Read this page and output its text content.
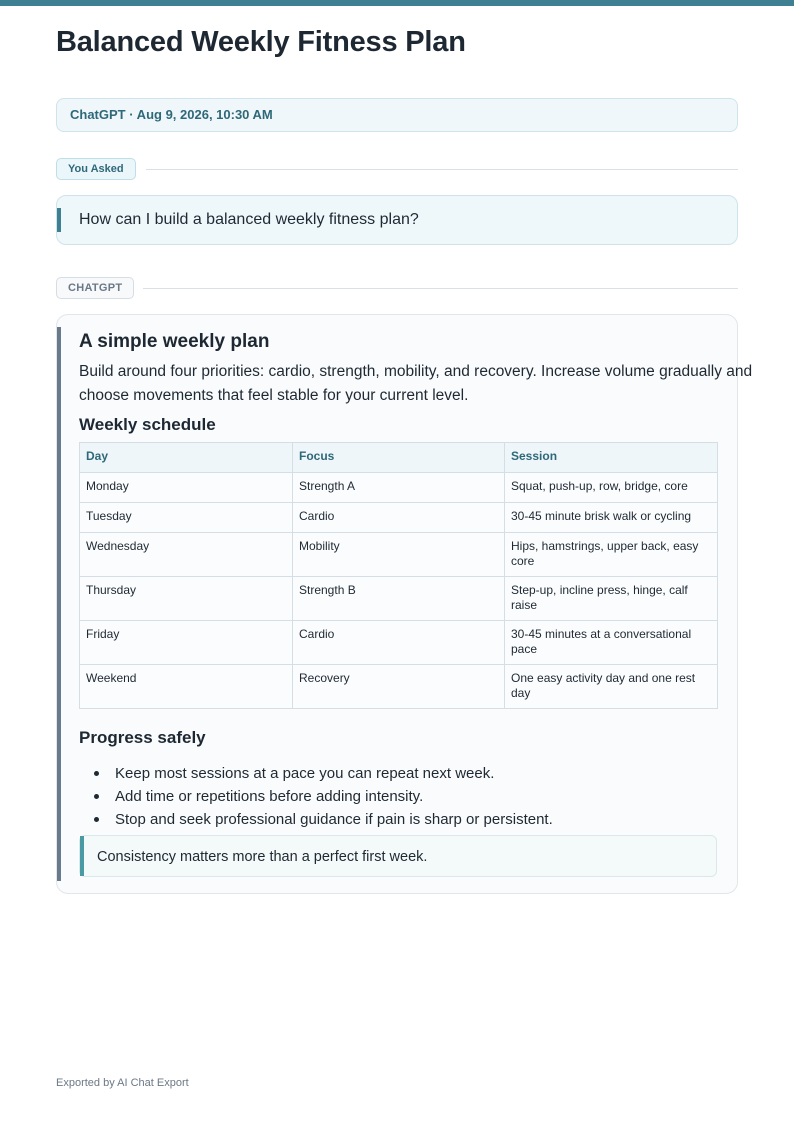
Balanced Weekly Fitness Plan
ChatGPT · Aug 9, 2026, 10:30 AM
You Asked
How can I build a balanced weekly fitness plan?
CHATGPT
A simple weekly plan

Build around four priorities: cardio, strength, mobility, and recovery. Increase volume gradually and choose movements that feel stable for your current level.

Weekly schedule
Day	Focus	Session
Monday	Strength A	Squat, push-up, row, bridge, core
Tuesday	Cardio	30-45 minute brisk walk or cycling
Wednesday	Mobility	Hips, hamstrings, upper back, easy core
Thursday	Strength B	Step-up, incline press, hinge, calf raise
Friday	Cardio	30-45 minutes at a conversational pace
Weekend	Recovery	One easy activity day and one rest day
Progress safely
Keep most sessions at a pace you can repeat next week.
Add time or repetitions before adding intensity.
Stop and seek professional guidance if pain is sharp or persistent.
Consistency matters more than a perfect first week.
Exported by AI Chat Export
